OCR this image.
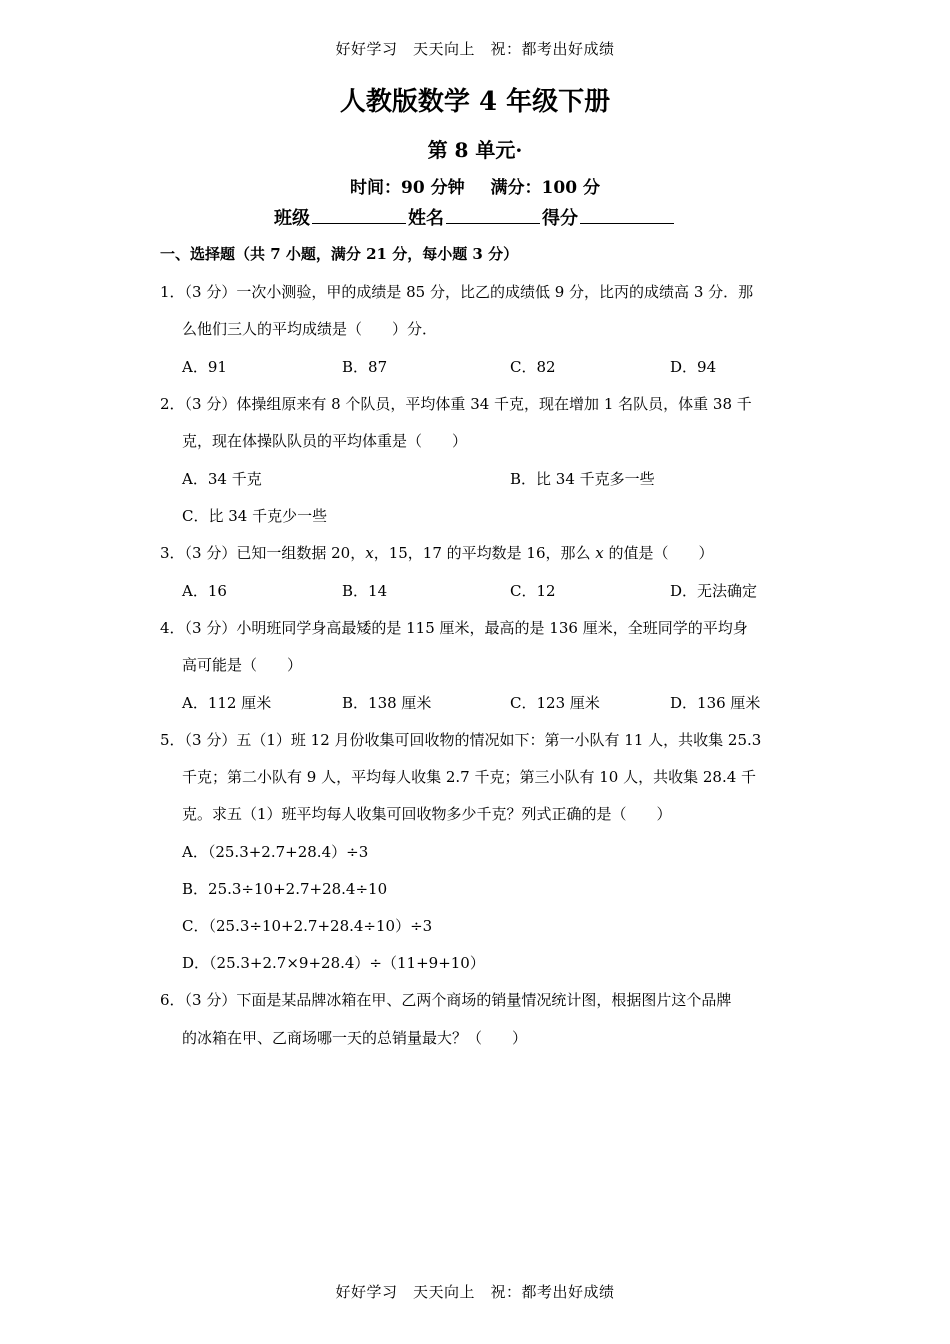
好好学习　天天向上　祝：都考出好成绩
人教版数学 4 年级下册
第 8 单元·
时间：90 分钟 满分：100 分
班级	姓名	得分
一、选择题（共 7 小题，满分 21 分，每小题 3 分）
1．（3 分）一次小测验，甲的成绩是 85 分，比乙的成绩低 9 分，比丙的成绩高 3 分．那
么他们三人的平均成绩是（　　）分．
A．91	B．87	C．82	D．94
2．（3 分）体操组原来有 8 个队员，平均体重 34 千克，现在增加 1 名队员，体重 38 千
克，现在体操队队员的平均体重是（　　）
A．34 千克	B．比 34 千克多一些
C．比 34 千克少一些
3．（3 分）已知一组数据 20，x，15，17 的平均数是 16，那么 x 的值是（　　）
A．16	B．14	C．12	D．无法确定
4．（3 分）小明班同学身高最矮的是 115 厘米，最高的是 136 厘米，全班同学的平均身
高可能是（　　）
A．112 厘米	B．138 厘米	C．123 厘米	D．136 厘米
5．（3 分）五（1）班 12 月份收集可回收物的情况如下：第一小队有 11 人，共收集 25.3
千克；第二小队有 9 人，平均每人收集 2.7 千克；第三小队有 10 人，共收集 28.4 千
克。求五（1）班平均每人收集可回收物多少千克？列式正确的是（　　）
A．（25.3+2.7+28.4）÷3
B．25.3÷10+2.7+28.4÷10
C．（25.3÷10+2.7+28.4÷10）÷3
D．（25.3+2.7×9+28.4）÷（11+9+10）
6．（3 分）下面是某品牌冰箱在甲、乙两个商场的销量情况统计图，根据图片这个品牌
的冰箱在甲、乙商场哪一天的总销量最大？（　　）
好好学习　天天向上　祝：都考出好成绩
